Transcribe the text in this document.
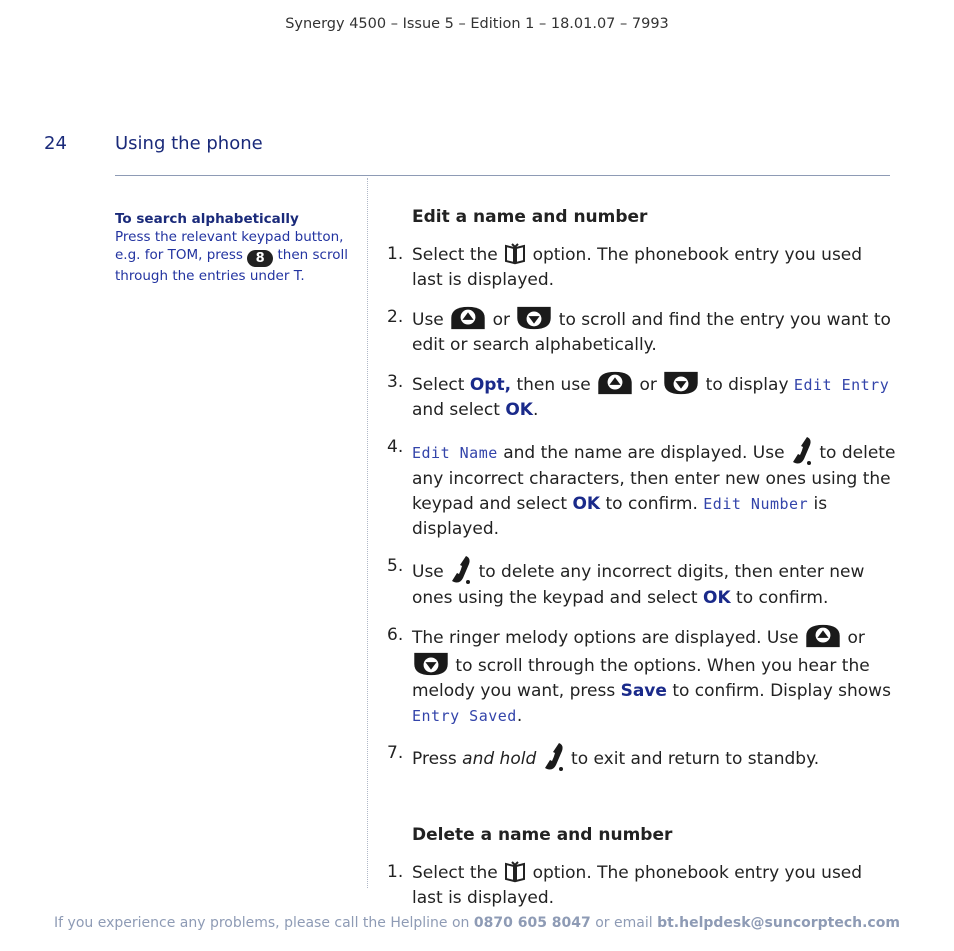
Synergy 4500 – Issue 5 – Edition 1 – 18.01.07 – 7993
24	Using the phone
To search alphabetically
Press the relevant keypad button, e.g. for TOM, press 8 then scroll through the entries under T.
Edit a name and number
1. Select the option. The phonebook entry you used last is displayed.
2. Use	or	to scroll and find the entry you want to edit or search alphabetically.
3. Select Opt, then use	or	to display Edit Entry and select OK.
4. Edit Name and the name are displayed. Use to delete any incorrect characters, then enter new ones using the keypad and select OK to confirm. Edit Number is displayed.
5. Use to delete any incorrect digits, then enter new ones using the keypad and select OK to confirm.
6. The ringer melody options are displayed. Use	or  to scroll through the options. When you hear the melody you want, press Save to confirm. Display shows Entry Saved.
7. Press and hold to exit and return to standby.
Delete a name and number
1. Select the option. The phonebook entry you used last is displayed.
If you experience any problems, please call the Helpline on 0870 605 8047 or email bt.helpdesk@suncorptech.com
